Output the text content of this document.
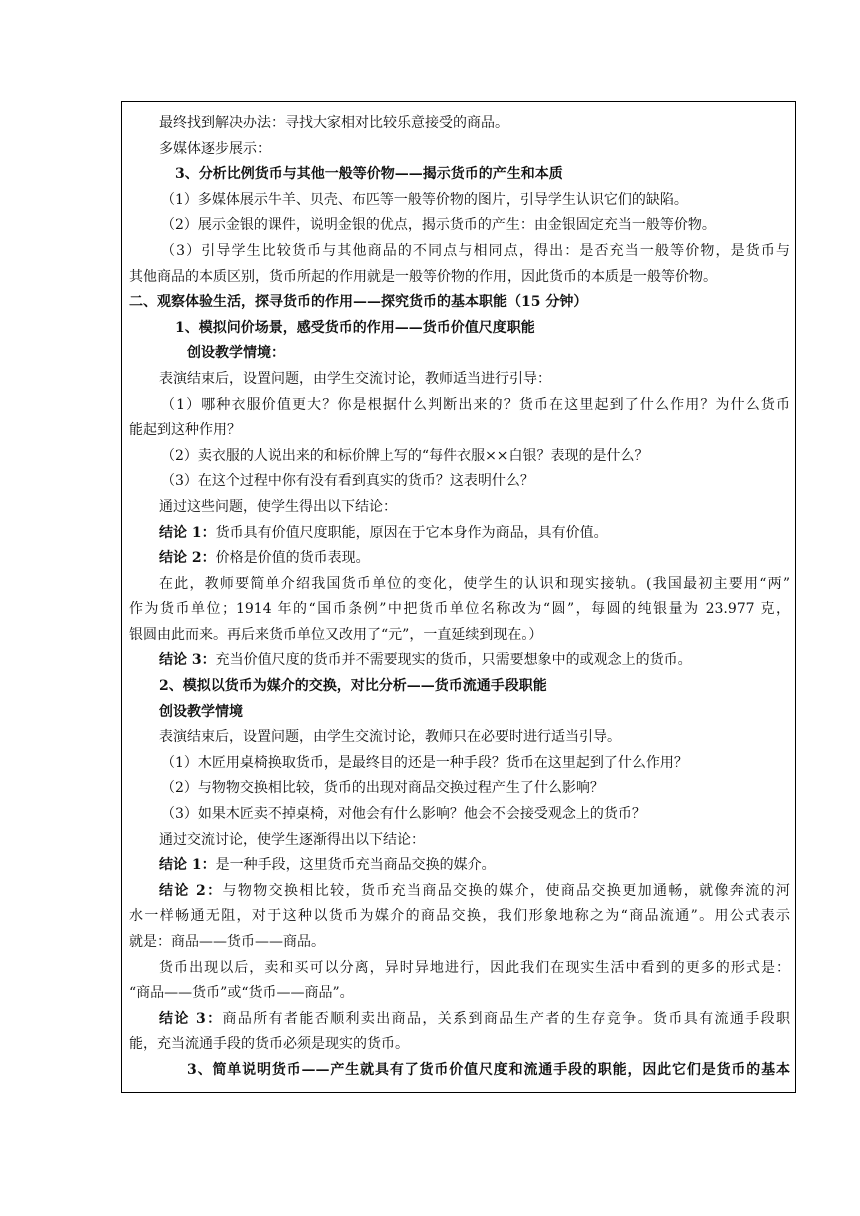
最终找到解决办法：寻找大家相对比较乐意接受的商品。
多媒体逐步展示：
3、分析比例货币与其他一般等价物——揭示货币的产生和本质
（1）多媒体展示牛羊、贝壳、布匹等一般等价物的图片，引导学生认识它们的缺陷。
（2）展示金银的课件，说明金银的优点，揭示货币的产生：由金银固定充当一般等价物。
（3）引导学生比较货币与其他商品的不同点与相同点，得出：是否充当一般等价物，是货币与
其他商品的本质区别，货币所起的作用就是一般等价物的作用，因此货币的本质是一般等价物。
二、观察体验生活，探寻货币的作用——探究货币的基本职能（15 分钟）
1、模拟问价场景，感受货币的作用——货币价值尺度职能
创设教学情境：
表演结束后，设置问题，由学生交流讨论，教师适当进行引导：
（1）哪种衣服价值更大？你是根据什么判断出来的？货币在这里起到了什么作用？为什么货币
能起到这种作用？
（2）卖衣服的人说出来的和标价牌上写的“每件衣服××白银？表现的是什么？
（3）在这个过程中你有没有看到真实的货币？这表明什么？
通过这些问题，使学生得出以下结论：
结论 1：货币具有价值尺度职能，原因在于它本身作为商品，具有价值。
结论 2：价格是价值的货币表现。
在此，教师要简单介绍我国货币单位的变化，使学生的认识和现实接轨。(我国最初主要用“两”
作为货币单位；1914 年的“国币条例”中把货币单位名称改为“圆”，每圆的纯银量为 23.977 克，
银圆由此而来。再后来货币单位又改用了“元”，一直延续到现在。）
结论 3：充当价值尺度的货币并不需要现实的货币，只需要想象中的或观念上的货币。
2、模拟以货币为媒介的交换，对比分析——货币流通手段职能
创设教学情境
表演结束后，设置问题，由学生交流讨论，教师只在必要时进行适当引导。
（1）木匠用桌椅换取货币，是最终目的还是一种手段？货币在这里起到了什么作用？
（2）与物物交换相比较，货币的出现对商品交换过程产生了什么影响？
（3）如果木匠卖不掉桌椅，对他会有什么影响？他会不会接受观念上的货币？
通过交流讨论，使学生逐渐得出以下结论：
结论 1：是一种手段，这里货币充当商品交换的媒介。
结论 2：与物物交换相比较，货币充当商品交换的媒介，使商品交换更加通畅，就像奔流的河
水一样畅通无阻，对于这种以货币为媒介的商品交换，我们形象地称之为“商品流通”。用公式表示
就是：商品——货币——商品。
货币出现以后，卖和买可以分离，异时异地进行，因此我们在现实生活中看到的更多的形式是：
“商品——货币”或“货币——商品”。
结论 3：商品所有者能否顺利卖出商品，关系到商品生产者的生存竞争。货币具有流通手段职
能，充当流通手段的货币必须是现实的货币。
3、简单说明货币——产生就具有了货币价值尺度和流通手段的职能，因此它们是货币的基本
